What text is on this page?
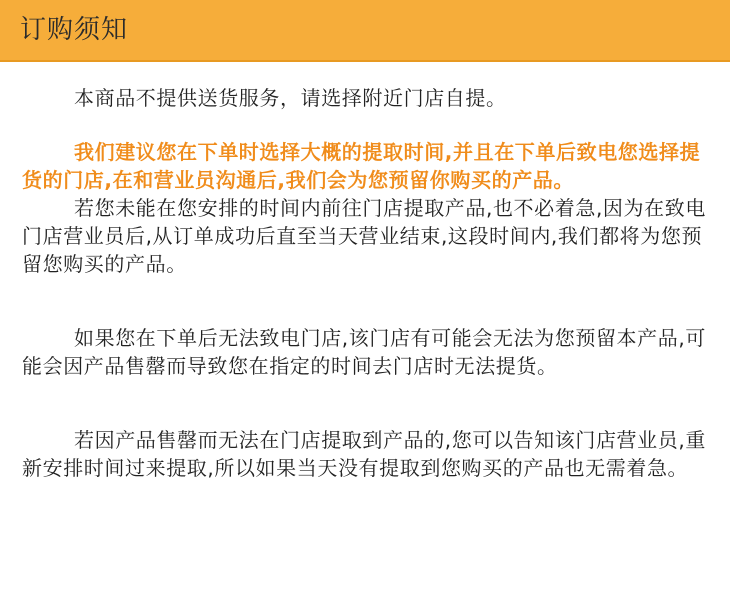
订购须知

本商品不提供送货服务，请选择附近门店自提。

我们建议您在下单时选择大概的提取时间,并且在下单后致电您选择提货的门店,在和营业员沟通后,我们会为您预留你购买的产品。

若您未能在您安排的时间内前往门店提取产品,也不必着急,因为在致电门店营业员后,从订单成功后直至当天营业结束,这段时间内,我们都将为您预留您购买的产品。

如果您在下单后无法致电门店,该门店有可能会无法为您预留本产品,可能会因产品售罄而导致您在指定的时间去门店时无法提货。

若因产品售罄而无法在门店提取到产品的,您可以告知该门店营业员,重新安排时间过来提取,所以如果当天没有提取到您购买的产品也无需着急。
